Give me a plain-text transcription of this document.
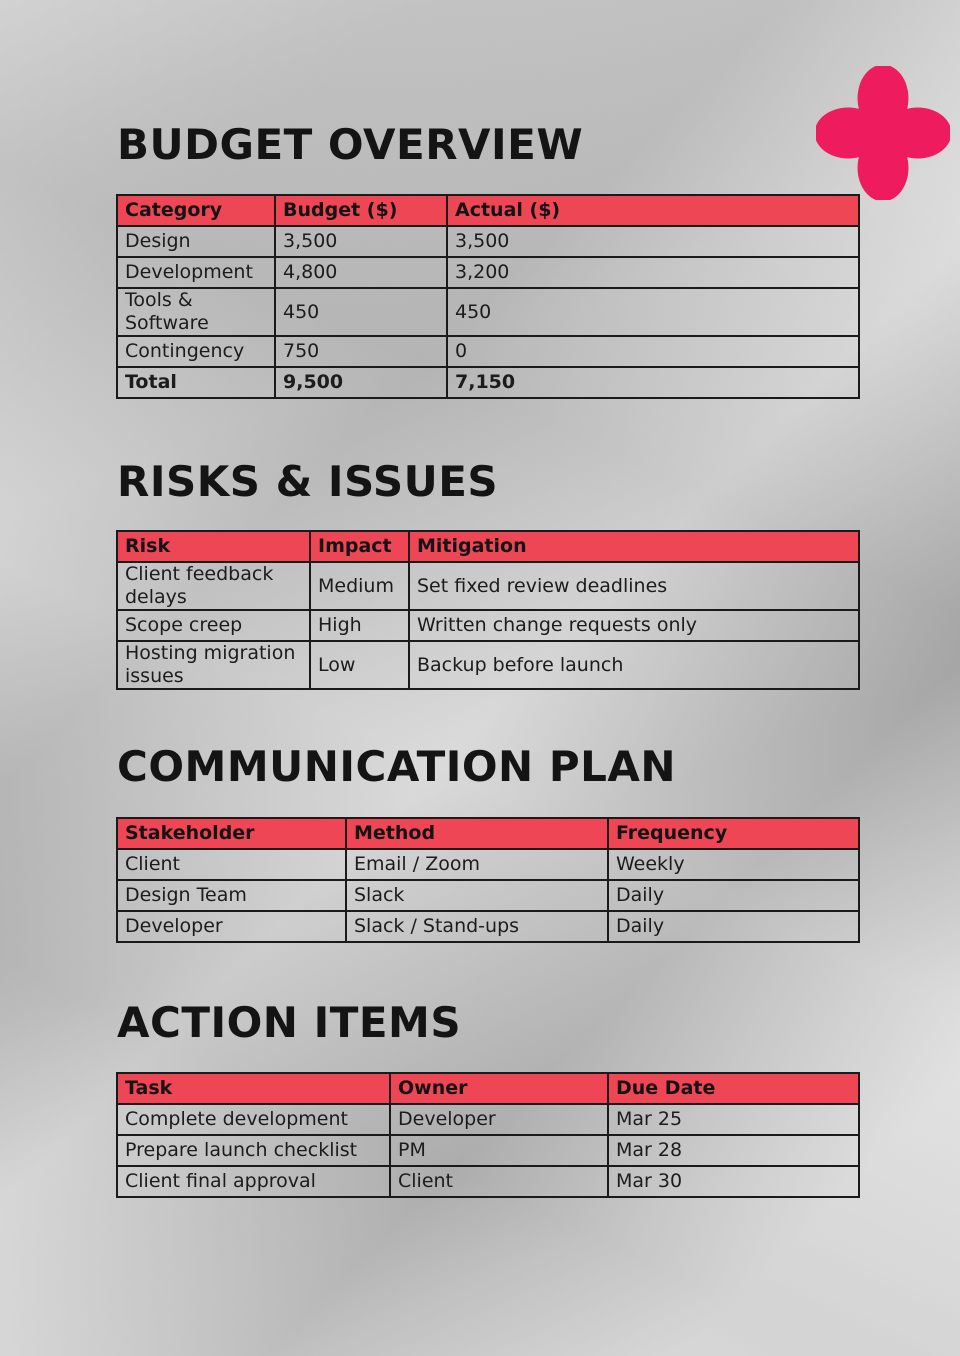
BUDGET OVERVIEW
Category	Budget ($)	Actual ($)
Design	3,500	3,500
Development	4,800	3,200
Tools & Software	450	450
Contingency	750	0
Total	9,500	7,150
RISKS & ISSUES
Risk	Impact	Mitigation
Client feedback delays	Medium	Set fixed review deadlines
Scope creep	High	Written change requests only
Hosting migration issues	Low	Backup before launch
COMMUNICATION PLAN
Stakeholder	Method	Frequency
Client	Email / Zoom	Weekly
Design Team	Slack	Daily
Developer	Slack / Stand-ups	Daily
ACTION ITEMS
Task	Owner	Due Date
Complete development	Developer	Mar 25
Prepare launch checklist	PM	Mar 28
Client final approval	Client	Mar 30
